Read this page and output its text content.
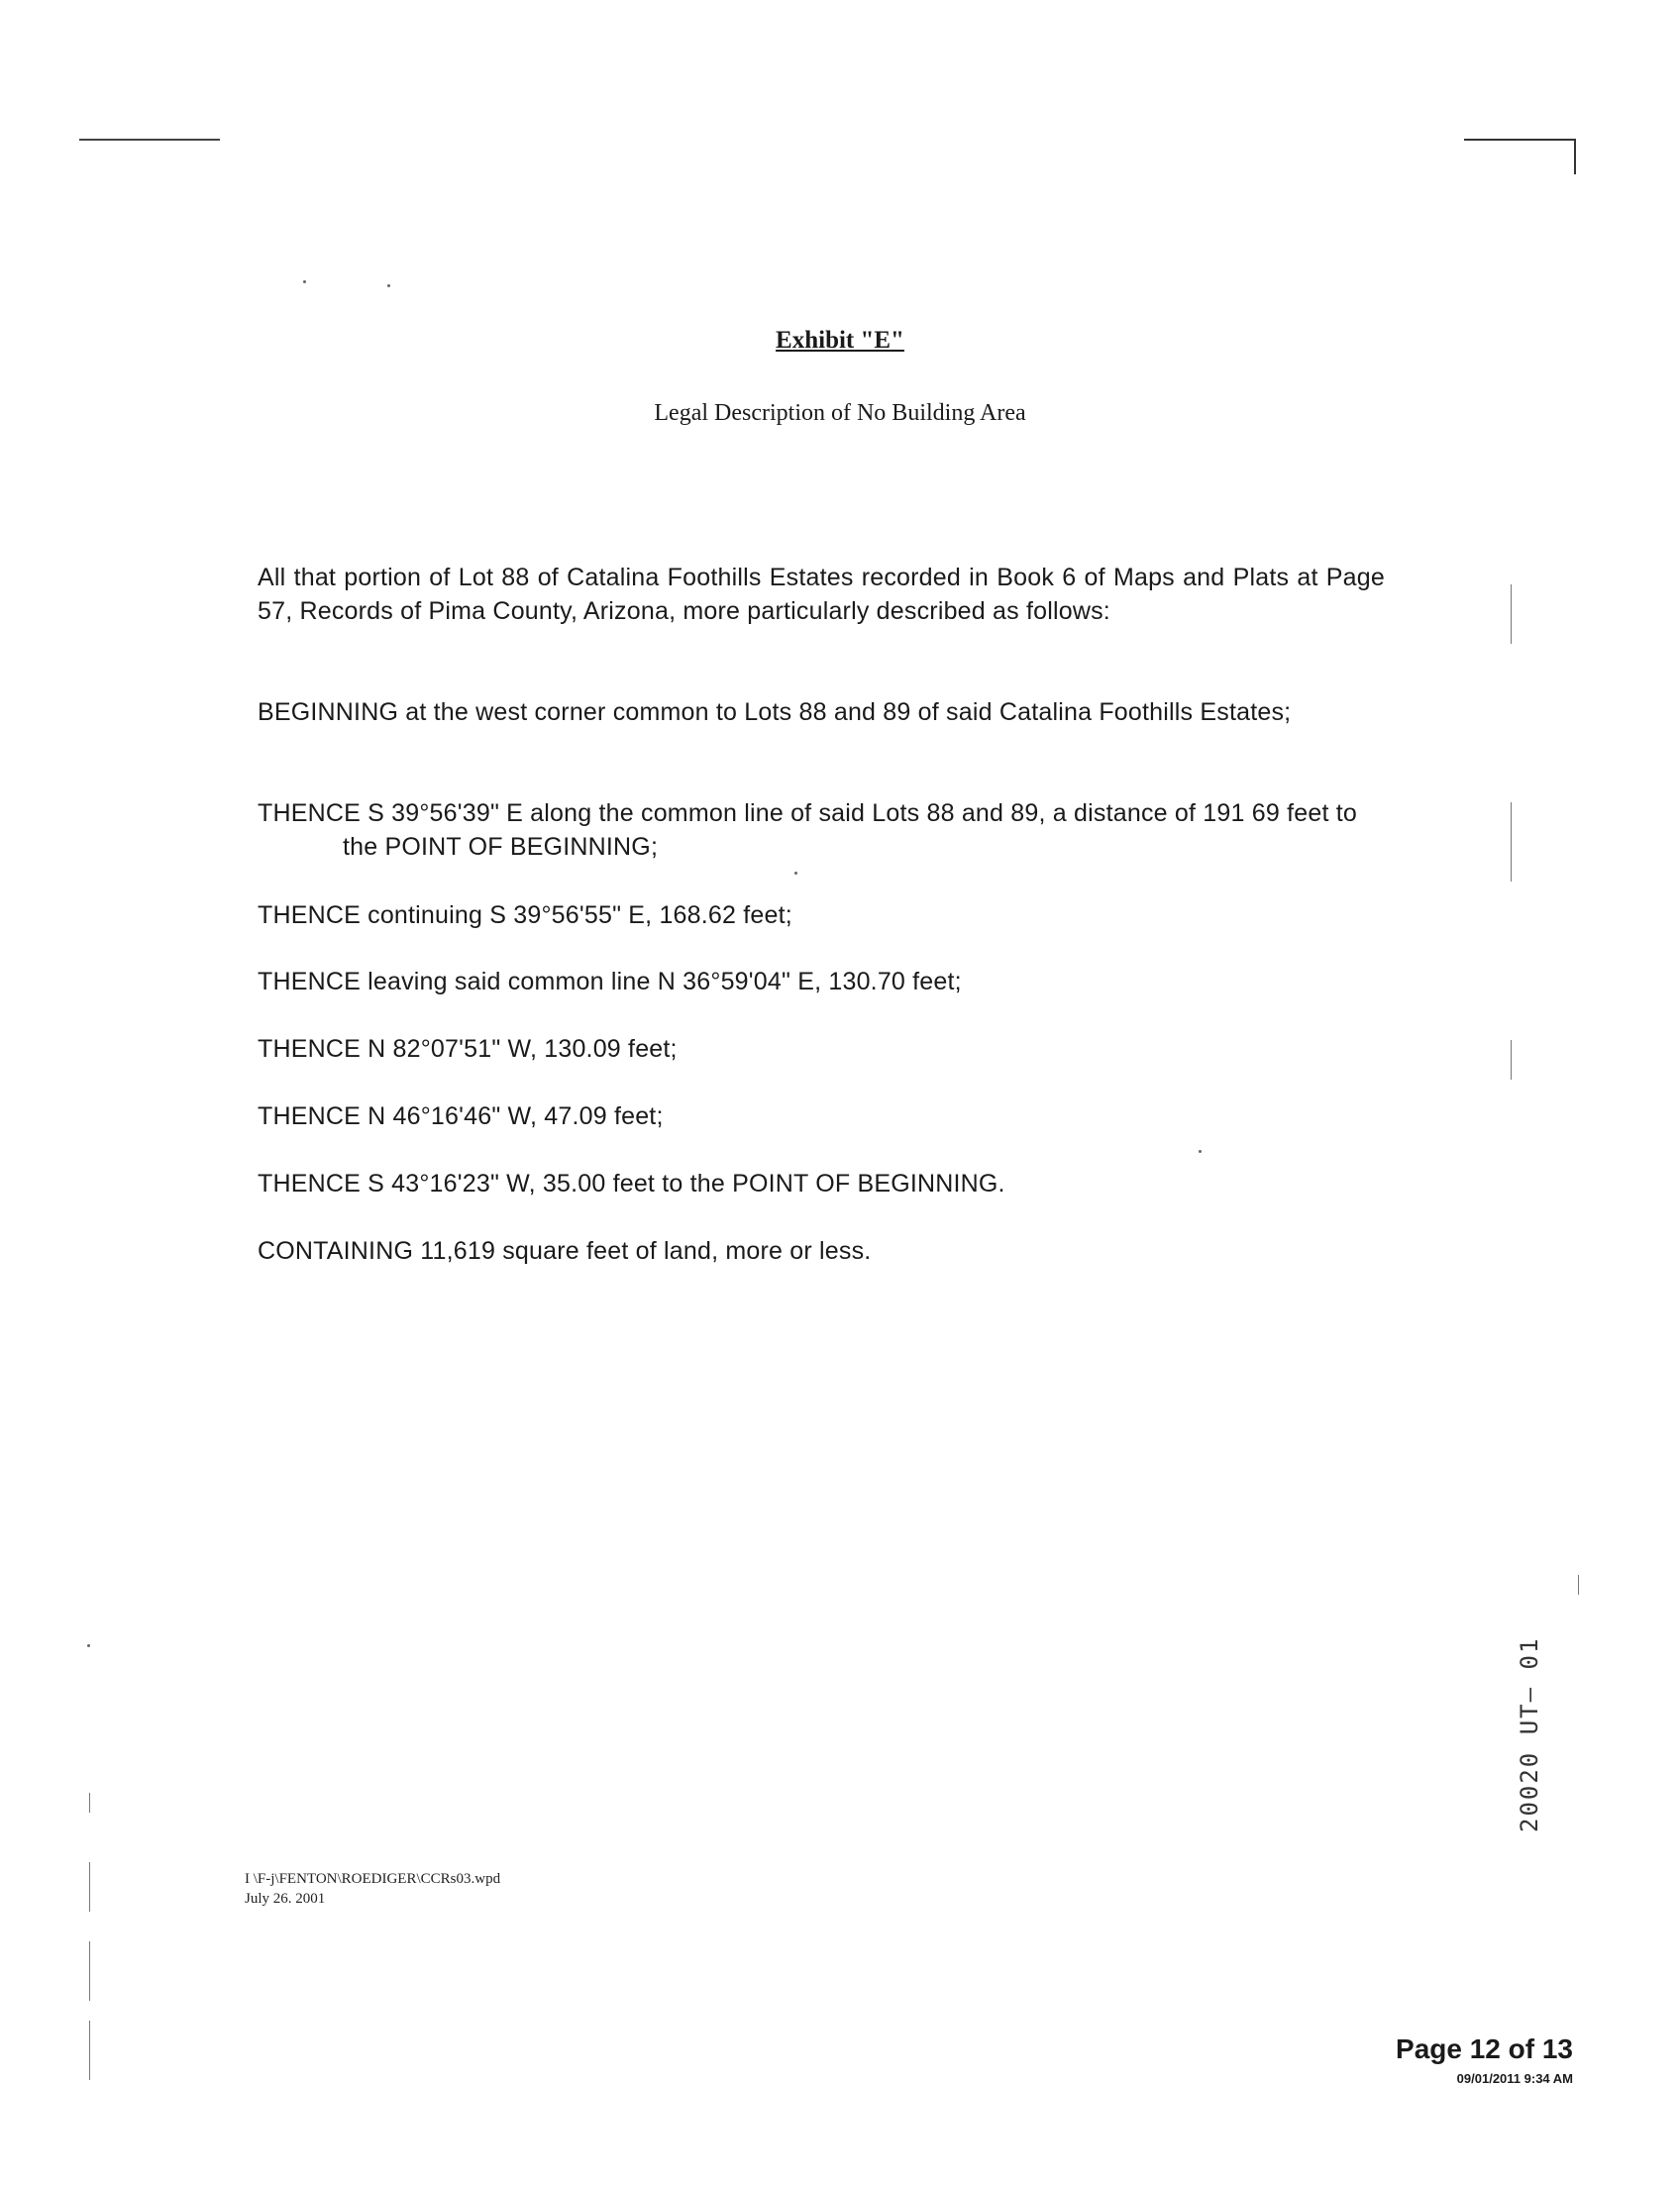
Exhibit "E"
Legal Description of No Building Area

All that portion of Lot 88 of Catalina Foothills Estates recorded in Book 6 of Maps and Plats at Page 57, Records of Pima County, Arizona, more particularly described as follows:

BEGINNING at the west corner common to Lots 88 and 89 of said Catalina Foothills Estates;

THENCE S 39°56'39" E along the common line of said Lots 88 and 89, a distance of 191 69 feet to the POINT OF BEGINNING;

THENCE continuing S 39°56'55" E, 168.62 feet;

THENCE leaving said common line N 36°59'04" E, 130.70 feet;

THENCE N 82°07'51" W, 130.09 feet;

THENCE N 46°16'46" W, 47.09 feet;

THENCE S 43°16'23" W, 35.00 feet to the POINT OF BEGINNING.

CONTAINING 11,619 square feet of land, more or less.

I \F-j\FENTON\ROEDIGER\CCRs03.wpd
July 26. 2001
Page 12 of 13
09/01/2011 9:34 AM
20020 UT— 01
